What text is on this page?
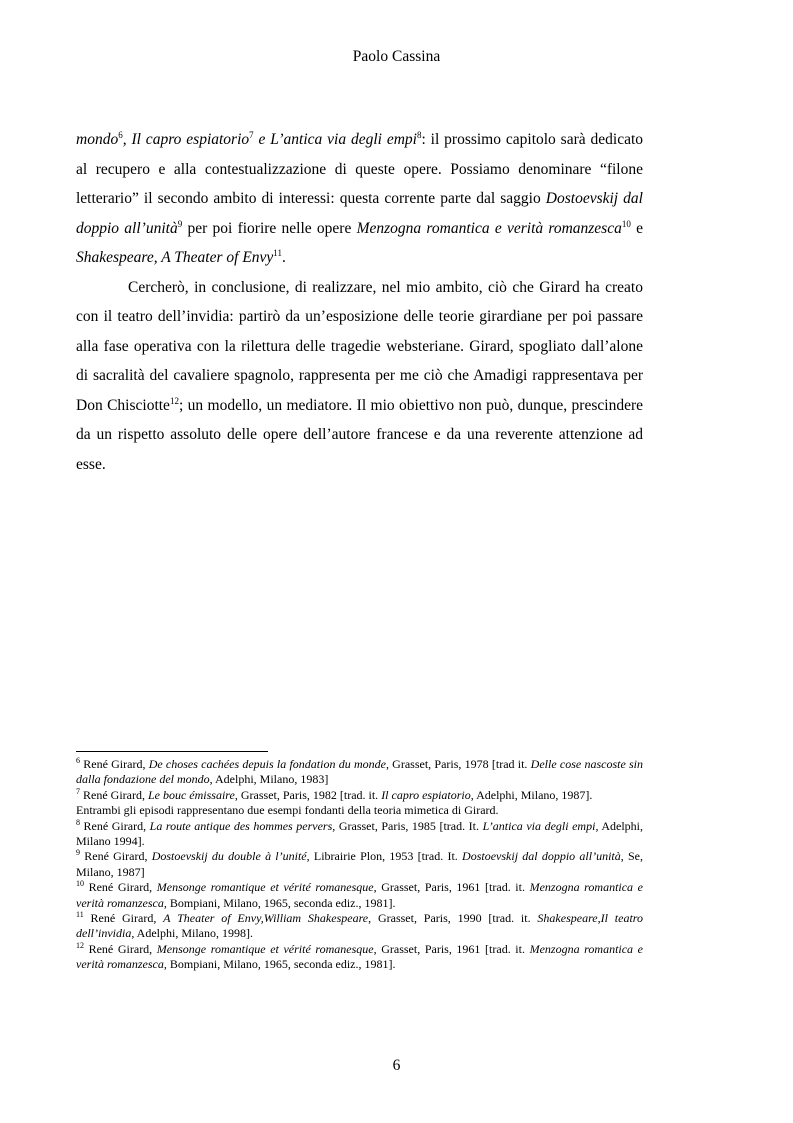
Paolo Cassina

mondo$^6$, Il capro espiatorio$^7$ e L’antica via degli empi$^8$: il prossimo capitolo sarà dedicato al recupero e alla contestualizzazione di queste opere. Possiamo denominare “filone letterario” il secondo ambito di interessi: questa corrente parte dal saggio Dostoevskij dal doppio all’unità$^9$ per poi fiorire nelle opere Menzogna romantica e verità romanzesca$^{10}$ e Shakespeare, A Theater of Envy$^{11}$.

Cercherò, in conclusione, di realizzare, nel mio ambito, ciò che Girard ha creato con il teatro dell’invidia: partirò da un’esposizione delle teorie girardiane per poi passare alla fase operativa con la rilettura delle tragedie websteriane. Girard, spogliato dall’alone di sacralità del cavaliere spagnolo, rappresenta per me ciò che Amadigi rappresentava per Don Chisciotte$^{12}$; un modello, un mediatore. Il mio obiettivo non può, dunque, prescindere da un rispetto assoluto delle opere dell’autore francese e da una reverente attenzione ad esse.

$^6$ René Girard, De choses cachées depuis la fondation du monde, Grasset, Paris, 1978 [trad it. Delle cose nascoste sin dalla fondazione del mondo, Adelphi, Milano, 1983]

$^7$ René Girard, Le bouc émissaire, Grasset, Paris, 1982 [trad. it. Il capro espiatorio, Adelphi, Milano, 1987].

Entrambi gli episodi rappresentano due esempi fondanti della teoria mimetica di Girard.

$^8$ René Girard, La route antique des hommes pervers, Grasset, Paris, 1985 [trad. It. L’antica via degli empi, Adelphi, Milano 1994].

$^9$ René Girard, Dostoevskij du double à l’unité, Librairie Plon, 1953 [trad. It. Dostoevskij dal doppio all’unità, Se, Milano, 1987]

$^{10}$ René Girard, Mensonge romantique et vérité romanesque, Grasset, Paris, 1961 [trad. it. Menzogna romantica e verità romanzesca, Bompiani, Milano, 1965, seconda ediz., 1981].

$^{11}$ René Girard, A Theater of Envy,William Shakespeare, Grasset, Paris, 1990 [trad. it. Shakespeare,Il teatro dell’invidia, Adelphi, Milano, 1998].

$^{12}$ René Girard, Mensonge romantique et vérité romanesque, Grasset, Paris, 1961 [trad. it. Menzogna romantica e verità romanzesca, Bompiani, Milano, 1965, seconda ediz., 1981].

6
